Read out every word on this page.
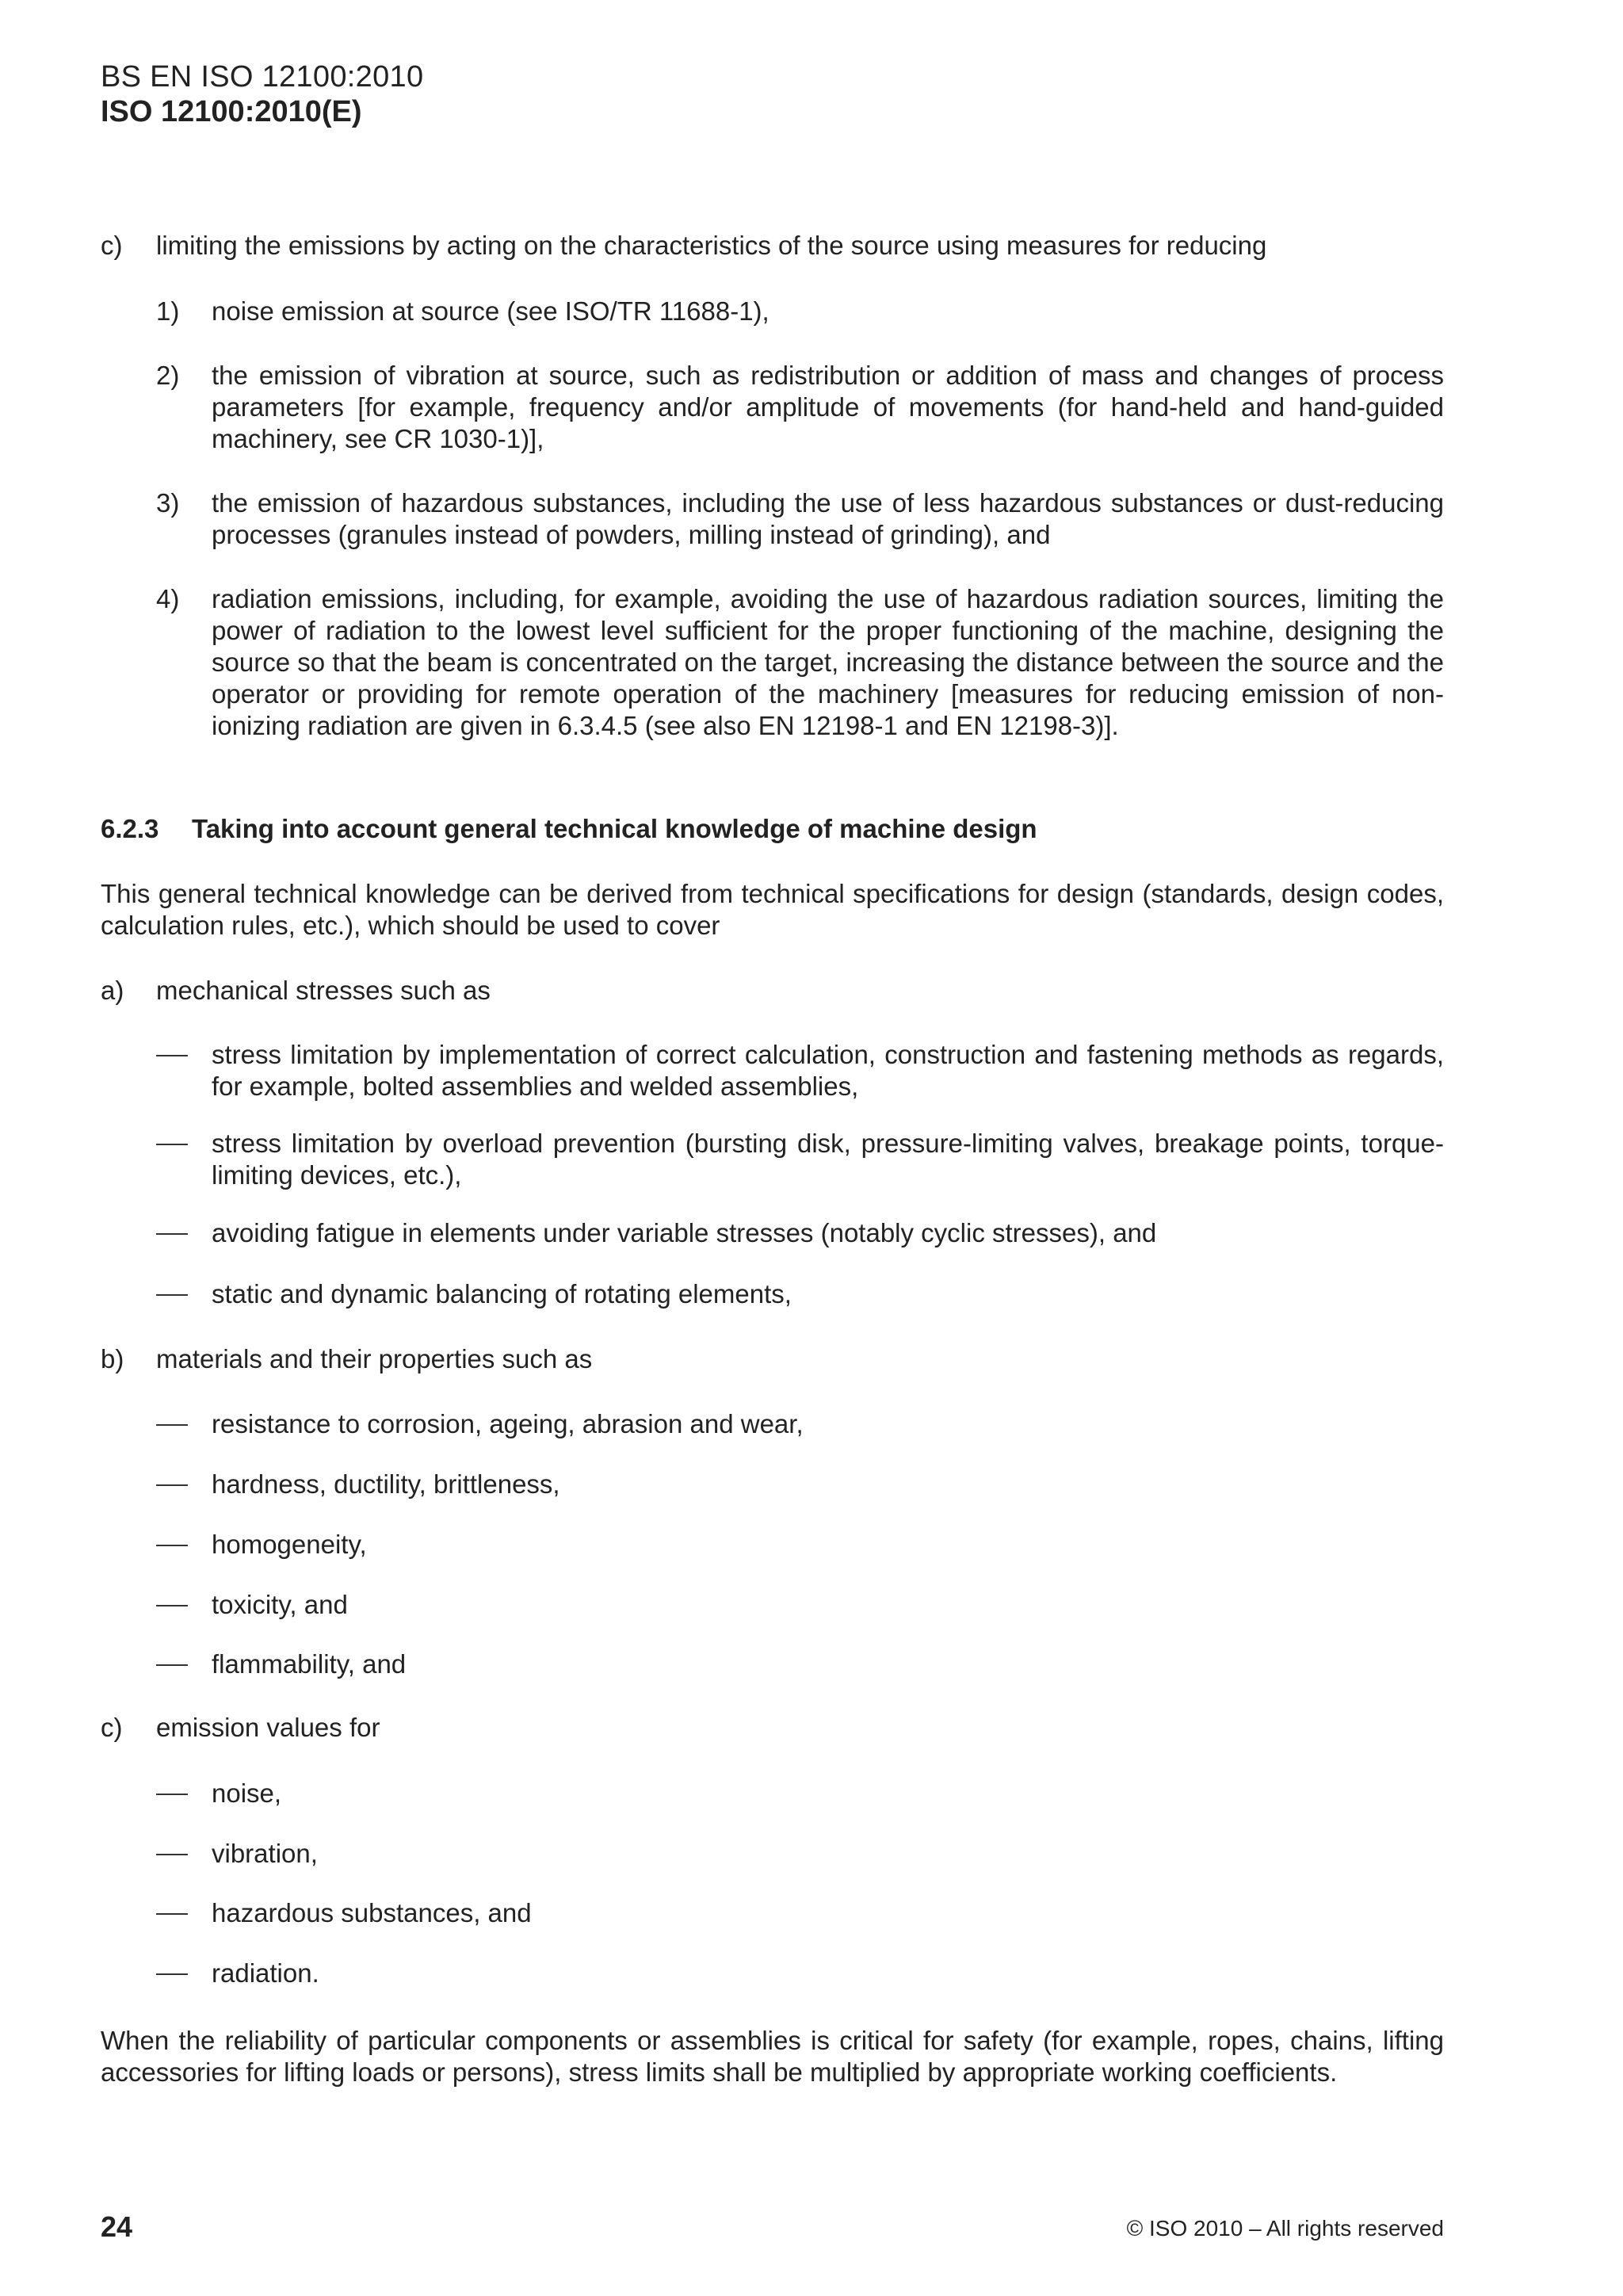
BS EN ISO 12100:2010
ISO 12100:2010(E)
c) limiting the emissions by acting on the characteristics of the source using measures for reducing

1) noise emission at source (see ISO/TR 11688-1),

2) the emission of vibration at source, such as redistribution or addition of mass and changes of process parameters [for example, frequency and/or amplitude of movements (for hand-held and hand-guided machinery, see CR 1030-1)],

3) the emission of hazardous substances, including the use of less hazardous substances or dust-reducing processes (granules instead of powders, milling instead of grinding), and

4) radiation emissions, including, for example, avoiding the use of hazardous radiation sources, limiting the power of radiation to the lowest level sufficient for the proper functioning of the machine, designing the source so that the beam is concentrated on the target, increasing the distance between the source and the operator or providing for remote operation of the machinery [measures for reducing emission of non-ionizing radiation are given in 6.3.4.5 (see also EN 12198-1 and EN 12198-3)].

6.2.3 Taking into account general technical knowledge of machine design

This general technical knowledge can be derived from technical specifications for design (standards, design codes, calculation rules, etc.), which should be used to cover

a) mechanical stresses such as

stress limitation by implementation of correct calculation, construction and fastening methods as regards, for example, bolted assemblies and welded assemblies,

stress limitation by overload prevention (bursting disk, pressure-limiting valves, breakage points, torque-limiting devices, etc.),

avoiding fatigue in elements under variable stresses (notably cyclic stresses), and

static and dynamic balancing of rotating elements,

b) materials and their properties such as

resistance to corrosion, ageing, abrasion and wear,

hardness, ductility, brittleness,

homogeneity,

toxicity, and

flammability, and

c) emission values for

noise,

vibration,

hazardous substances, and

radiation.

When the reliability of particular components or assemblies is critical for safety (for example, ropes, chains, lifting accessories for lifting loads or persons), stress limits shall be multiplied by appropriate working coefficients.

24	© ISO 2010 – All rights reserved
